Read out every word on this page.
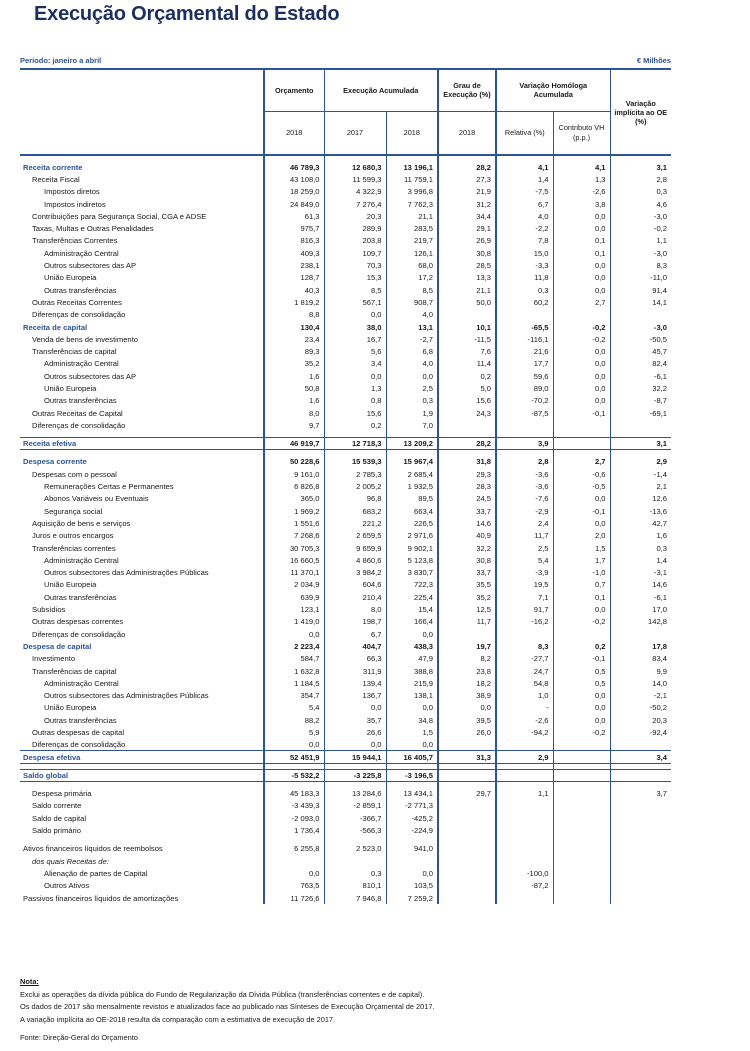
Execução Orçamental do Estado
Período: janeiro a abril	€ Milhões
	Orçamento	Execução Acumulada		Grau de Execução (%)	Variação Homóloga Acumulada		Variação implícita ao OE (%)
	2018	2017	2018	2018	Relativa (%)	Contributo VH (p.p.)	

Receita corrente	46 789,3	12 680,3	13 196,1	28,2	4,1	4,1	3,1
Receita Fiscal	43 108,0	11 599,3	11 759,1	27,3	1,4	1,3	2,8
Impostos diretos	18 259,0	4 322,9	3 996,8	21,9	-7,5	-2,6	0,3
Impostos indiretos	24 849,0	7 276,4	7 762,3	31,2	6,7	3,8	4,6
Contribuições para Segurança Social, CGA e ADSE	61,3	20,3	21,1	34,4	4,0	0,0	-3,0
Taxas, Multas e Outras Penalidades	975,7	289,9	283,5	29,1	-2,2	0,0	-0,2
Transferências Correntes	816,3	203,8	219,7	26,9	7,8	0,1	1,1
Administração Central	409,3	109,7	126,1	30,8	15,0	0,1	-3,0
Outros subsectores das AP	238,1	70,3	68,0	28,5	-3,3	0,0	8,3
União Europeia	128,7	15,3	17,2	13,3	11,8	0,0	-11,0
Outras transferências	40,3	8,5	8,5	21,1	0,3	0,0	91,4
Outras Receitas Correntes	1 819,2	567,1	908,7	50,0	60,2	2,7	14,1
Diferenças de consolidação	8,8	0,0	4,0				
Receita de capital	130,4	38,0	13,1	10,1	-65,5	-0,2	-3,0
Venda de bens de investimento	23,4	16,7	-2,7	-11,5	-116,1	-0,2	-50,5
Transferências de capital	89,3	5,6	6,8	7,6	21,6	0,0	45,7
Administração Central	35,2	3,4	4,0	11,4	17,7	0,0	82,4
Outros subsectores das AP	1,6	0,0	0,0	0,2	59,6	0,0	-6,1
União Europeia	50,8	1,3	2,5	5,0	89,0	0,0	32,2
Outras transferências	1,6	0,8	0,3	15,6	-70,2	0,0	-8,7
Outras Receitas de Capital	8,0	15,6	1,9	24,3	-87,5	-0,1	-69,1
Diferenças de consolidação	9,7	0,2	7,0				

Receita efetiva	46 919,7	12 718,3	13 209,2	28,2	3,9		3,1

Despesa corrente	50 228,6	15 539,3	15 967,4	31,8	2,8	2,7	2,9
Despesas com o pessoal	9 161,0	2 785,3	2 685,4	29,3	-3,6	-0,6	-1,4
Remunerações Certas e Permanentes	6 826,8	2 005,2	1 932,5	28,3	-3,6	-0,5	2,1
Abonos Variáveis ou Eventuais	365,0	96,8	89,5	24,5	-7,6	0,0	12,6
Segurança social	1 969,2	683,2	663,4	33,7	-2,9	-0,1	-13,6
Aquisição de bens e serviços	1 551,6	221,2	226,5	14,6	2,4	0,0	42,7
Juros e outros encargos	7 268,6	2 659,5	2 971,6	40,9	11,7	2,0	1,6
Transferências correntes	30 705,3	9 659,9	9 902,1	32,2	2,5	1,5	0,3
Administração Central	16 660,5	4 860,6	5 123,8	30,8	5,4	1,7	1,4
Outros subsectores das Administrações Públicas	11 370,1	3 984,2	3 830,7	33,7	-3,9	-1,0	-3,1
União Europeia	2 034,9	604,6	722,3	35,5	19,5	0,7	14,6
Outras transferências	639,9	210,4	225,4	35,2	7,1	0,1	-6,1
Subsídios	123,1	8,0	15,4	12,5	91,7	0,0	17,0
Outras despesas correntes	1 419,0	198,7	166,4	11,7	-16,2	-0,2	142,8
Diferenças de consolidação	0,0	6,7	0,0				
Despesa de capital	2 223,4	404,7	438,3	19,7	8,3	0,2	17,8
Investimento	584,7	66,3	47,9	8,2	-27,7	-0,1	83,4
Transferências de capital	1 632,8	311,9	388,8	23,8	24,7	0,5	9,9
Administração Central	1 184,5	139,4	215,9	18,2	54,8	0,5	14,0
Outros subsectores das Administrações Públicas	354,7	136,7	138,1	38,9	1,0	0,0	-2,1
União Europeia	5,4	0,0	0,0	0,0	-	0,0	-50,2
Outras transferências	88,2	35,7	34,8	39,5	-2,6	0,0	20,3
Outras despesas de capital	5,9	26,6	1,5	26,0	-94,2	-0,2	-92,4
Diferenças de consolidação	0,0	0,0	0,0				
Despesa efetiva	52 451,9	15 944,1	16 405,7	31,3	2,9		3,4

Saldo global	-5 532,2	-3 225,8	-3 196,5				

Despesa primária	45 183,3	13 284,6	13 434,1	29,7	1,1		3,7
Saldo corrente	-3 439,3	-2 859,1	-2 771,3				
Saldo de capital	-2 093,0	-366,7	-425,2				
Saldo primário	1 736,4	-566,3	-224,9				

Ativos financeiros líquidos de reembolsos	6 255,8	2 523,0	941,0				
dos quais Receitas de:							
Alienação de partes de Capital	0,0	0,3	0,0		-100,0		
Outros Ativos	763,5	810,1	103,5		-87,2		
Passivos financeiros líquidos de amortizações	11 726,6	7 946,8	7 259,2				
Nota:
Exclui as operações da dívida pública do Fundo de Regularização da Dívida Pública (transferências correntes e de capital).
Os dados de 2017 são mensalmente revistos e atualizados face ao publicado nas Sínteses de Execução Orçamental de 2017.
A variação implícita ao OE-2018 resulta da comparação com a estimativa de execução de 2017.
Fonte: Direção-Geral do Orçamento
